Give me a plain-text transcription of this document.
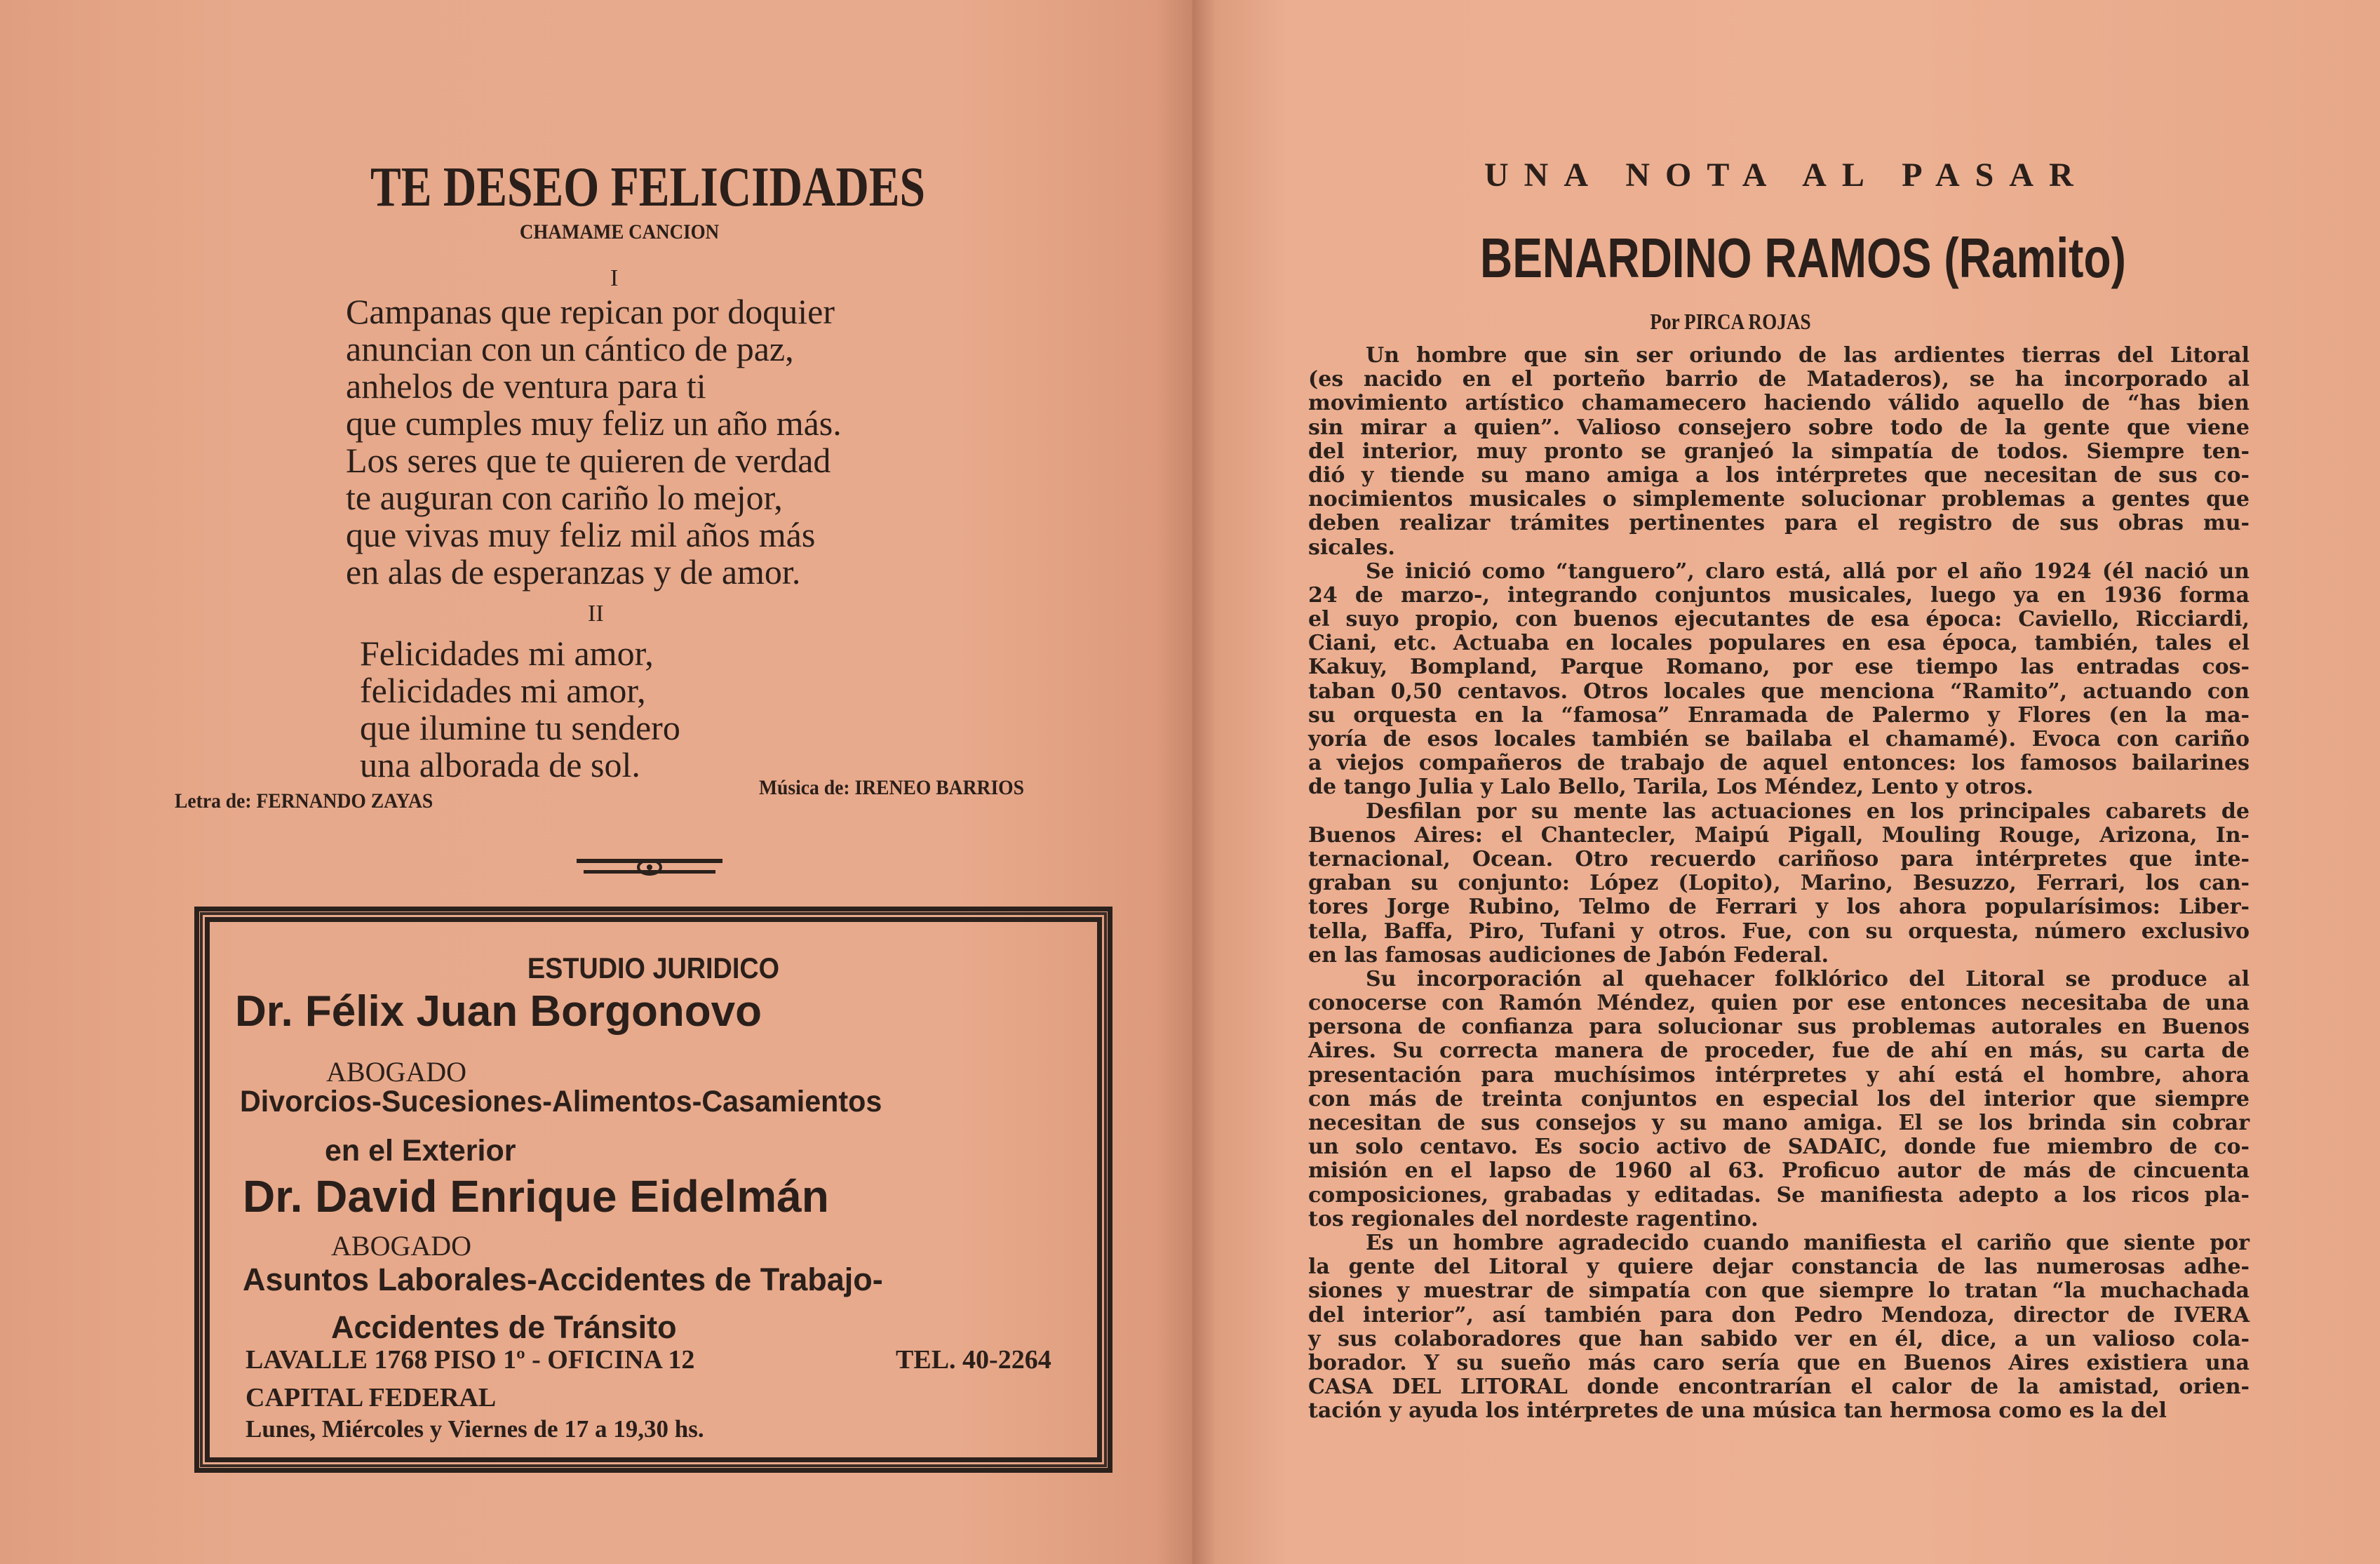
TE DESEO FELICIDADES
CHAMAME CANCION
I
Campanas que repican por doquier
anuncian con un cántico de paz,
anhelos de ventura para ti
que cumples muy feliz un año más.
Los seres que te quieren de verdad
te auguran con cariño lo mejor,
que vivas muy feliz mil años más
en alas de esperanzas y de amor.
II
Felicidades mi amor,
felicidades mi amor,
que ilumine tu sendero
una alborada de sol.
Letra de: FERNANDO ZAYAS
Música de: IRENEO BARRIOS
ESTUDIO JURIDICO
Dr. Félix Juan Borgonovo
ABOGADO
Divorcios-Sucesiones-Alimentos-Casamientos
en el Exterior
Dr. David Enrique Eidelmán
ABOGADO
Asuntos Laborales-Accidentes de Trabajo-
Accidentes de Tránsito
LAVALLE 1768 PISO 1º - OFICINA 12	TEL. 40-2264
CAPITAL FEDERAL
Lunes, Miércoles y Viernes de 17 a 19,30 hs.
UNA NOTA AL PASAR
BENARDINO RAMOS (Ramito)
Por PIRCA ROJAS
Un hombre que sin ser oriundo de las ardientes tierras del Litoral
(es nacido en el porteño barrio de Mataderos), se ha incorporado al
movimiento artístico chamamecero haciendo válido aquello de “has bien
sin mirar a quien”. Valioso consejero sobre todo de la gente que viene
del interior, muy pronto se granjeó la simpatía de todos. Siempre ten-
dió y tiende su mano amiga a los intérpretes que necesitan de sus co-
nocimientos musicales o simplemente solucionar problemas a gentes que
deben realizar trámites pertinentes para el registro de sus obras mu-
sicales.
Se inició como “tanguero”, claro está, allá por el año 1924 (él nació un
24 de marzo-, integrando conjuntos musicales, luego ya en 1936 forma
el suyo propio, con buenos ejecutantes de esa época: Caviello, Ricciardi,
Ciani, etc. Actuaba en locales populares en esa época, también, tales el
Kakuy, Bompland, Parque Romano, por ese tiempo las entradas cos-
taban 0,50 centavos. Otros locales que menciona “Ramito”, actuando con
su orquesta en la “famosa” Enramada de Palermo y Flores (en la ma-
yoría de esos locales también se bailaba el chamamé). Evoca con cariño
a viejos compañeros de trabajo de aquel entonces: los famosos bailarines
de tango Julia y Lalo Bello, Tarila, Los Méndez, Lento y otros.
Desfilan por su mente las actuaciones en los principales cabarets de
Buenos Aires: el Chantecler, Maipú Pigall, Mouling Rouge, Arizona, In-
ternacional, Ocean. Otro recuerdo cariñoso para intérpretes que inte-
graban su conjunto: López (Lopito), Marino, Besuzzo, Ferrari, los can-
tores Jorge Rubino, Telmo de Ferrari y los ahora popularísimos: Liber-
tella, Baffa, Piro, Tufani y otros. Fue, con su orquesta, número exclusivo
en las famosas audiciones de Jabón Federal.
Su incorporación al quehacer folklórico del Litoral se produce al
conocerse con Ramón Méndez, quien por ese entonces necesitaba de una
persona de confianza para solucionar sus problemas autorales en Buenos
Aires. Su correcta manera de proceder, fue de ahí en más, su carta de
presentación para muchísimos intérpretes y ahí está el hombre, ahora
con más de treinta conjuntos en especial los del interior que siempre
necesitan de sus consejos y su mano amiga. El se los brinda sin cobrar
un solo centavo. Es socio activo de SADAIC, donde fue miembro de co-
misión en el lapso de 1960 al 63. Proficuo autor de más de cincuenta
composiciones, grabadas y editadas. Se manifiesta adepto a los ricos pla-
tos regionales del nordeste ragentino.
Es un hombre agradecido cuando manifiesta el cariño que siente por
la gente del Litoral y quiere dejar constancia de las numerosas adhe-
siones y muestrar de simpatía con que siempre lo tratan “la muchachada
del interior”, así también para don Pedro Mendoza, director de IVERA
y sus colaboradores que han sabido ver en él, dice, a un valioso cola-
borador. Y su sueño más caro sería que en Buenos Aires existiera una
CASA DEL LITORAL donde encontrarían el calor de la amistad, orien-
tación y ayuda los intérpretes de una música tan hermosa como es la del
